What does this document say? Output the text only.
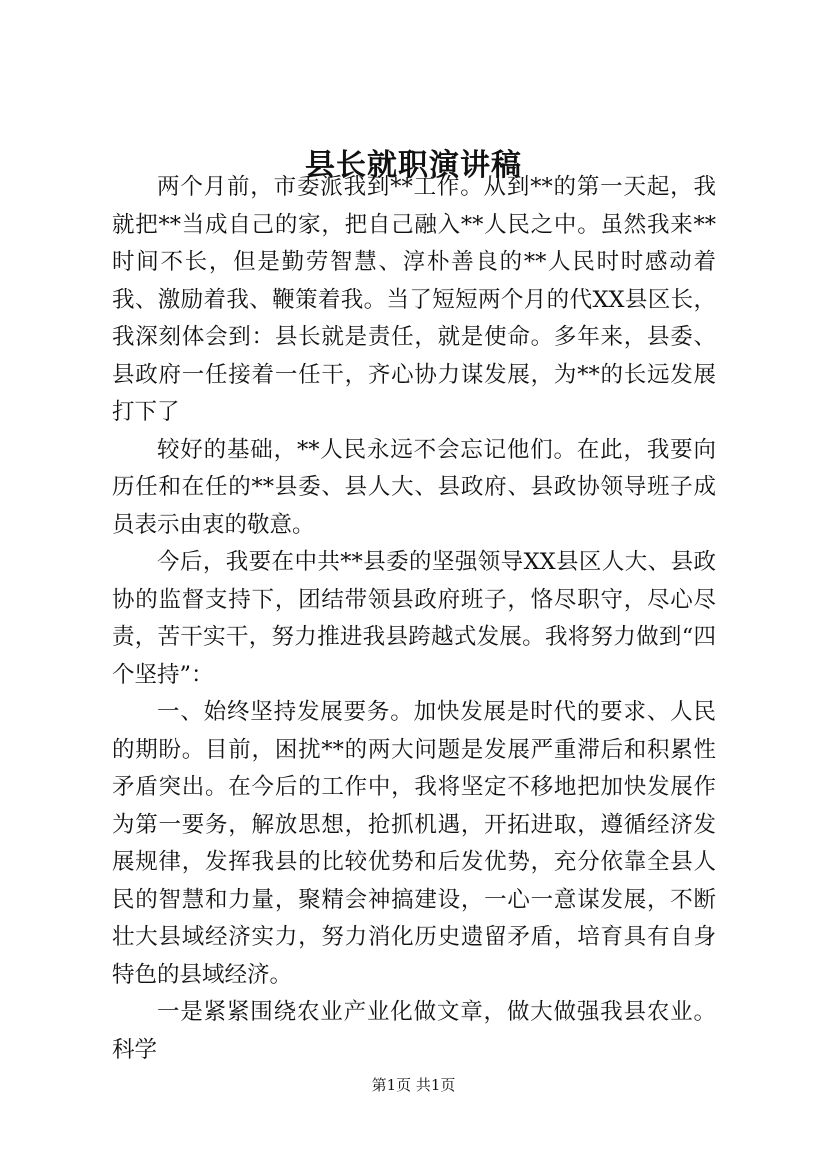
县长就职演讲稿

两个月前，市委派我到**工作。从到**的第一天起，我就把**当成自己的家，把自己融入**人民之中。虽然我来**时间不长，但是勤劳智慧、淳朴善良的**人民时时感动着我、激励着我、鞭策着我。当了短短两个月的代XX县区长，我深刻体会到：县长就是责任，就是使命。多年来，县委、县政府一任接着一任干，齐心协力谋发展，为**的长远发展打下了

较好的基础，**人民永远不会忘记他们。在此，我要向历任和在任的**县委、县人大、县政府、县政协领导班子成员表示由衷的敬意。

今后，我要在中共**县委的坚强领导XX县区人大、县政协的监督支持下，团结带领县政府班子，恪尽职守，尽心尽责，苦干实干，努力推进我县跨越式发展。我将努力做到“四个坚持”：

一、始终坚持发展要务。加快发展是时代的要求、人民的期盼。目前，困扰**的两大问题是发展严重滞后和积累性矛盾突出。在今后的工作中，我将坚定不移地把加快发展作为第一要务，解放思想，抢抓机遇，开拓进取，遵循经济发展规律，发挥我县的比较优势和后发优势，充分依靠全县人民的智慧和力量，聚精会神搞建设，一心一意谋发展，不断壮大县域经济实力，努力消化历史遗留矛盾，培育具有自身特色的县域经济。

一是紧紧围绕农业产业化做文章，做大做强我县农业。科学

第1页 共1页
